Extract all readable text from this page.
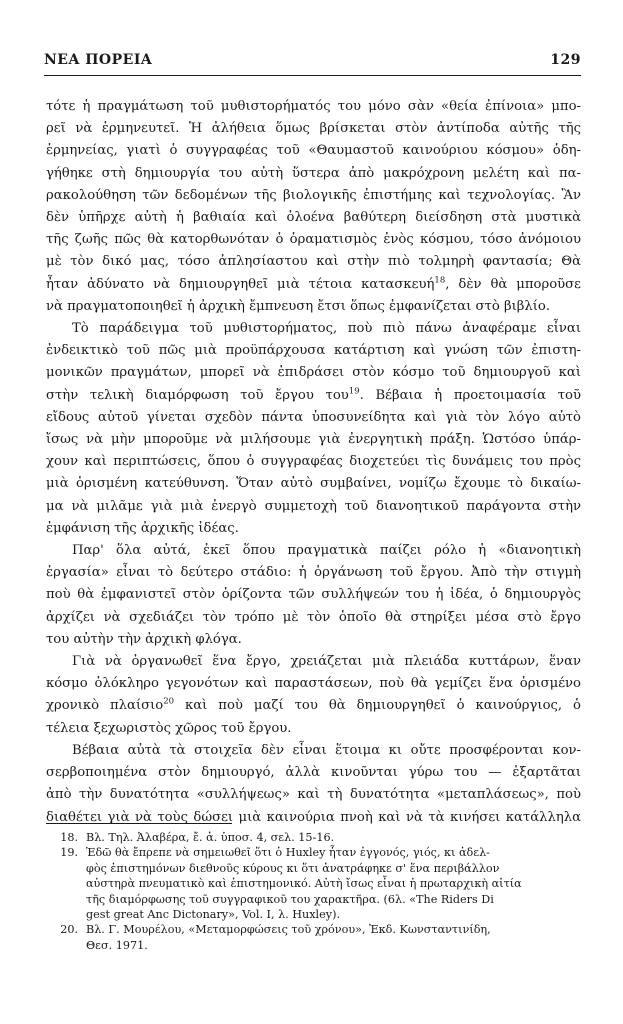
ΝΕΑ ΠΟΡΕΙΑ	129
τότε ἡ πραγμάτωση τοῦ μυθιστορήματός του μόνο σὰν «θεία ἐπίνοια» μπο-
ρεῖ νὰ ἑρμηνευτεῖ. Ἡ ἀλήθεια ὅμως βρίσκεται στὸν ἀντίποδα αὐτῆς τῆς
ἑρμηνείας, γιατὶ ὁ συγγραφέας τοῦ «Θαυμαστοῦ καινούριου κόσμου» ὁδη-
γήθηκε στὴ δημιουργία του αὐτὴ ὕστερα ἀπὸ μακρόχρονη μελέτη καὶ πα-
ρακολούθηση τῶν δεδομένων τῆς βιολογικῆς ἐπιστήμης καὶ τεχνολογίας. Ἂν
δὲν ὑπῆρχε αὐτὴ ἡ βαθιαία καὶ ὁλοένα βαθύτερη διείσδηση στὰ μυστικὰ
τῆς ζωῆς πῶς θὰ κατορθωνόταν ὁ ὁραματισμὸς ἑνὸς κόσμου, τόσο ἀνόμοιου
μὲ τὸν δικό μας, τόσο ἀπλησίαστου καὶ στὴν πιὸ τολμηρὴ φαντασία; Θὰ
ἦταν ἀδύνατο νὰ δημιουργηθεῖ μιὰ τέτοια κατασκευή$^{18}$, δὲν θὰ μποροῦσε
νὰ πραγματοποιηθεῖ ἡ ἀρχικὴ ἔμπνευση ἔτσι ὅπως ἐμφανίζεται στὸ βιβλίο.
Τὸ παράδειγμα τοῦ μυθιστορήματος, ποὺ πιὸ πάνω ἀναφέραμε εἶναι
ἐνδεικτικὸ τοῦ πῶς μιὰ προϋπάρχουσα κατάρτιση καὶ γνώση τῶν ἐπιστη-
μονικῶν πραγμάτων, μπορεῖ νὰ ἐπιδράσει στὸν κόσμο τοῦ δημιουργοῦ καὶ
στὴν τελικὴ διαμόρφωση τοῦ ἔργου του$^{19}$. Βέβαια ἡ προετοιμασία τοῦ
εἴδους αὐτοῦ γίνεται σχεδὸν πάντα ὑποσυνείδητα καὶ γιὰ τὸν λόγο αὐτὸ
ἴσως νὰ μὴν μποροῦμε νὰ μιλήσουμε γιὰ ἐνεργητικὴ πράξη. Ὡστόσο ὑπάρ-
χουν καὶ περιπτώσεις, ὅπου ὁ συγγραφέας διοχετεύει τὶς δυνάμεις του πρὸς
μιὰ ὁρισμένη κατεύθυνση. Ὅταν αὐτὸ συμβαίνει, νομίζω ἔχουμε τὸ δικαίω-
μα νὰ μιλᾶμε γιὰ μιὰ ἐνεργὸ συμμετοχὴ τοῦ διανοητικοῦ παράγοντα στὴν
ἐμφάνιση τῆς ἀρχικῆς ἰδέας.
Παρ' ὅλα αὐτά, ἐκεῖ ὅπου πραγματικὰ παίζει ρόλο ἡ «διανοητικὴ
ἐργασία» εἶναι τὸ δεύτερο στάδιο: ἡ ὀργάνωση τοῦ ἔργου. Ἀπὸ τὴν στιγμὴ
ποὺ θὰ ἐμφανιστεῖ στὸν ὁρίζοντα τῶν συλλήψεών του ἡ ἰδέα, ὁ δημιουργὸς
ἀρχίζει νὰ σχεδιάζει τὸν τρόπο μὲ τὸν ὁποῖο θὰ στηρίξει μέσα στὸ ἔργο
του αὐτὴν τὴν ἀρχικὴ φλόγα.
Γιὰ νὰ ὀργανωθεῖ ἕνα ἔργο, χρειάζεται μιὰ πλειάδα κυττάρων, ἕναν
κόσμο ὁλόκληρο γεγονότων καὶ παραστάσεων, ποὺ θὰ γεμίζει ἕνα ὁρισμένο
χρονικὸ πλαίσιο$^{20}$ καὶ ποὺ μαζί του θὰ δημιουργηθεῖ ὁ καινούργιος, ὁ
τέλεια ξεχωριστὸς χῶρος τοῦ ἔργου.
Βέβαια αὐτὰ τὰ στοιχεῖα δὲν εἶναι ἕτοιμα κι οὔτε προσφέρονται κον-
σερβοποιημένα στὸν δημιουργό, ἀλλὰ κινοῦνται γύρω του — ἐξαρτᾶται
ἀπὸ τὴν δυνατότητα «συλλήψεως» καὶ τὴ δυνατότητα «μεταπλάσεως», ποὺ
διαθέτει γιὰ νὰ τοὺς δώσει μιὰ καινούρια πνοὴ καὶ νὰ τὰ κινήσει κατάλληλα
18. Βλ. Τηλ. Ἀλαβέρα, ἔ. ἀ. ὑποσ. 4, σελ. 15-16.
19. Ἐδῶ θὰ ἔπρεπε νὰ σημειωθεῖ ὅτι ὁ Huxley ἦταν ἐγγονός, γιός, κι ἀδελ-
φὸς ἐπιστημόνων διεθνοῦς κύρους κι ὅτι ἀνατράφηκε σ' ἕνα περιβάλλον
αὐστηρὰ πνευματικὸ καὶ ἐπιστημονικό. Αὐτὴ ἴσως εἶναι ἡ πρωταρχικὴ αἰτία
τῆς διαμόρφωσης τοῦ συγγραφικοῦ του χαρακτῆρα. (6λ. «The Riders Di
gest great Anc Dictonary», Vol. I, λ. Huxley).
20. Βλ. Γ. Μουρέλου, «Μεταμορφώσεις τοῦ χρόνου», Ἐκδ. Κωνσταντινίδη,
Θεσ. 1971.
